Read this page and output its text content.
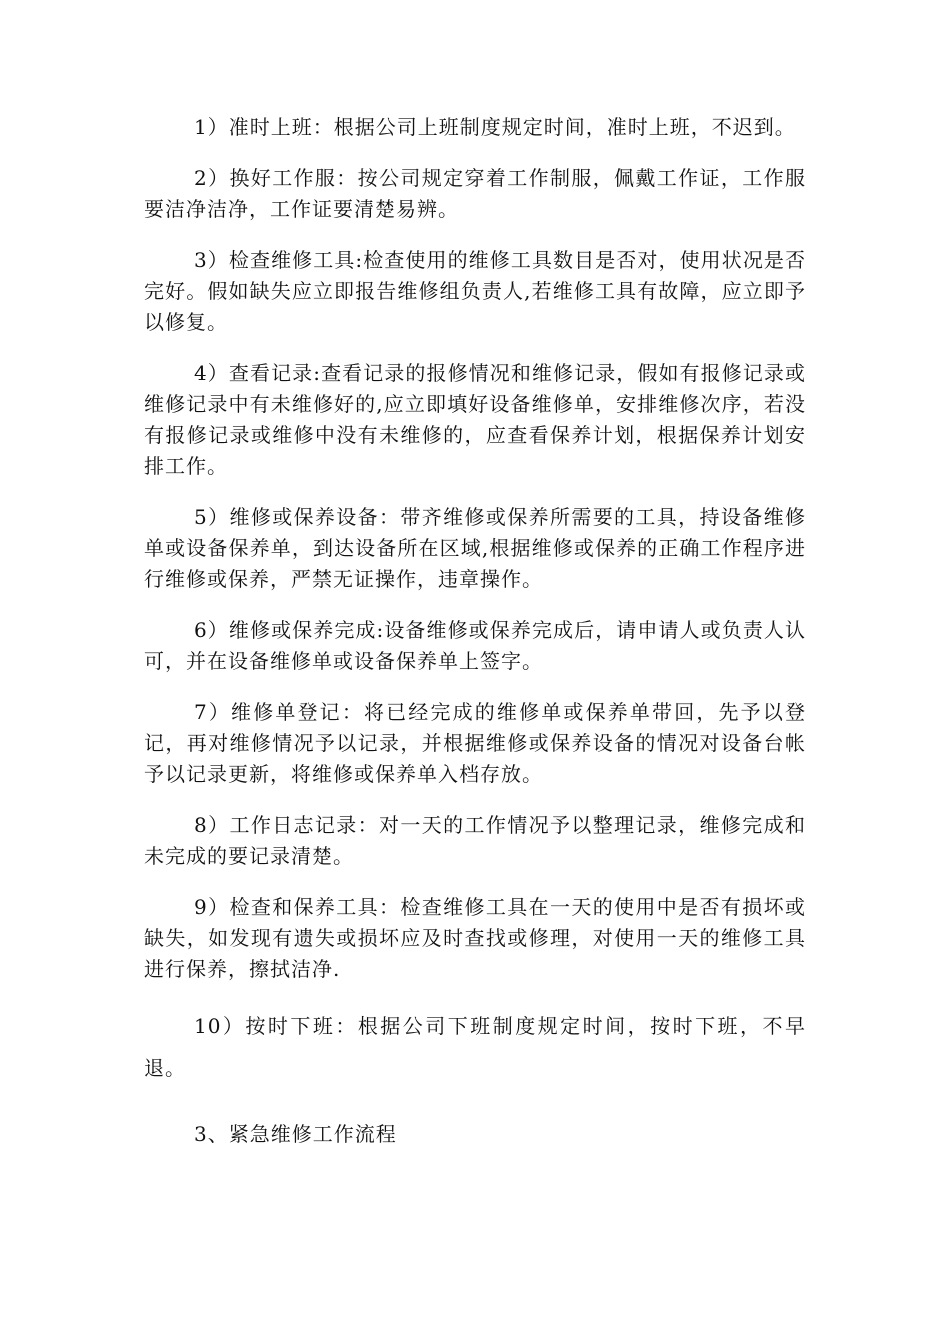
1）准时上班：根据公司上班制度规定时间，准时上班，不迟到。

2）换好工作服：按公司规定穿着工作制服，佩戴工作证，工作服要洁净洁净，工作证要清楚易辨。

3）检查维修工具:检查使用的维修工具数目是否对，使用状况是否完好。假如缺失应立即报告维修组负责人,若维修工具有故障，应立即予以修复。

4）查看记录:查看记录的报修情况和维修记录，假如有报修记录或维修记录中有未维修好的,应立即填好设备维修单，安排维修次序，若没有报修记录或维修中没有未维修的，应查看保养计划，根据保养计划安排工作。

5）维修或保养设备：带齐维修或保养所需要的工具，持设备维修单或设备保养单，到达设备所在区域,根据维修或保养的正确工作程序进行维修或保养，严禁无证操作，违章操作。

6）维修或保养完成:设备维修或保养完成后，请申请人或负责人认可，并在设备维修单或设备保养单上签字。

7）维修单登记：将已经完成的维修单或保养单带回，先予以登记，再对维修情况予以记录，并根据维修或保养设备的情况对设备台帐予以记录更新，将维修或保养单入档存放。

8）工作日志记录：对一天的工作情况予以整理记录，维修完成和未完成的要记录清楚。

9）检查和保养工具：检查维修工具在一天的使用中是否有损坏或缺失，如发现有遗失或损坏应及时查找或修理，对使用一天的维修工具进行保养，擦拭洁净.

10）按时下班：根据公司下班制度规定时间，按时下班，不早退。

3、紧急维修工作流程
